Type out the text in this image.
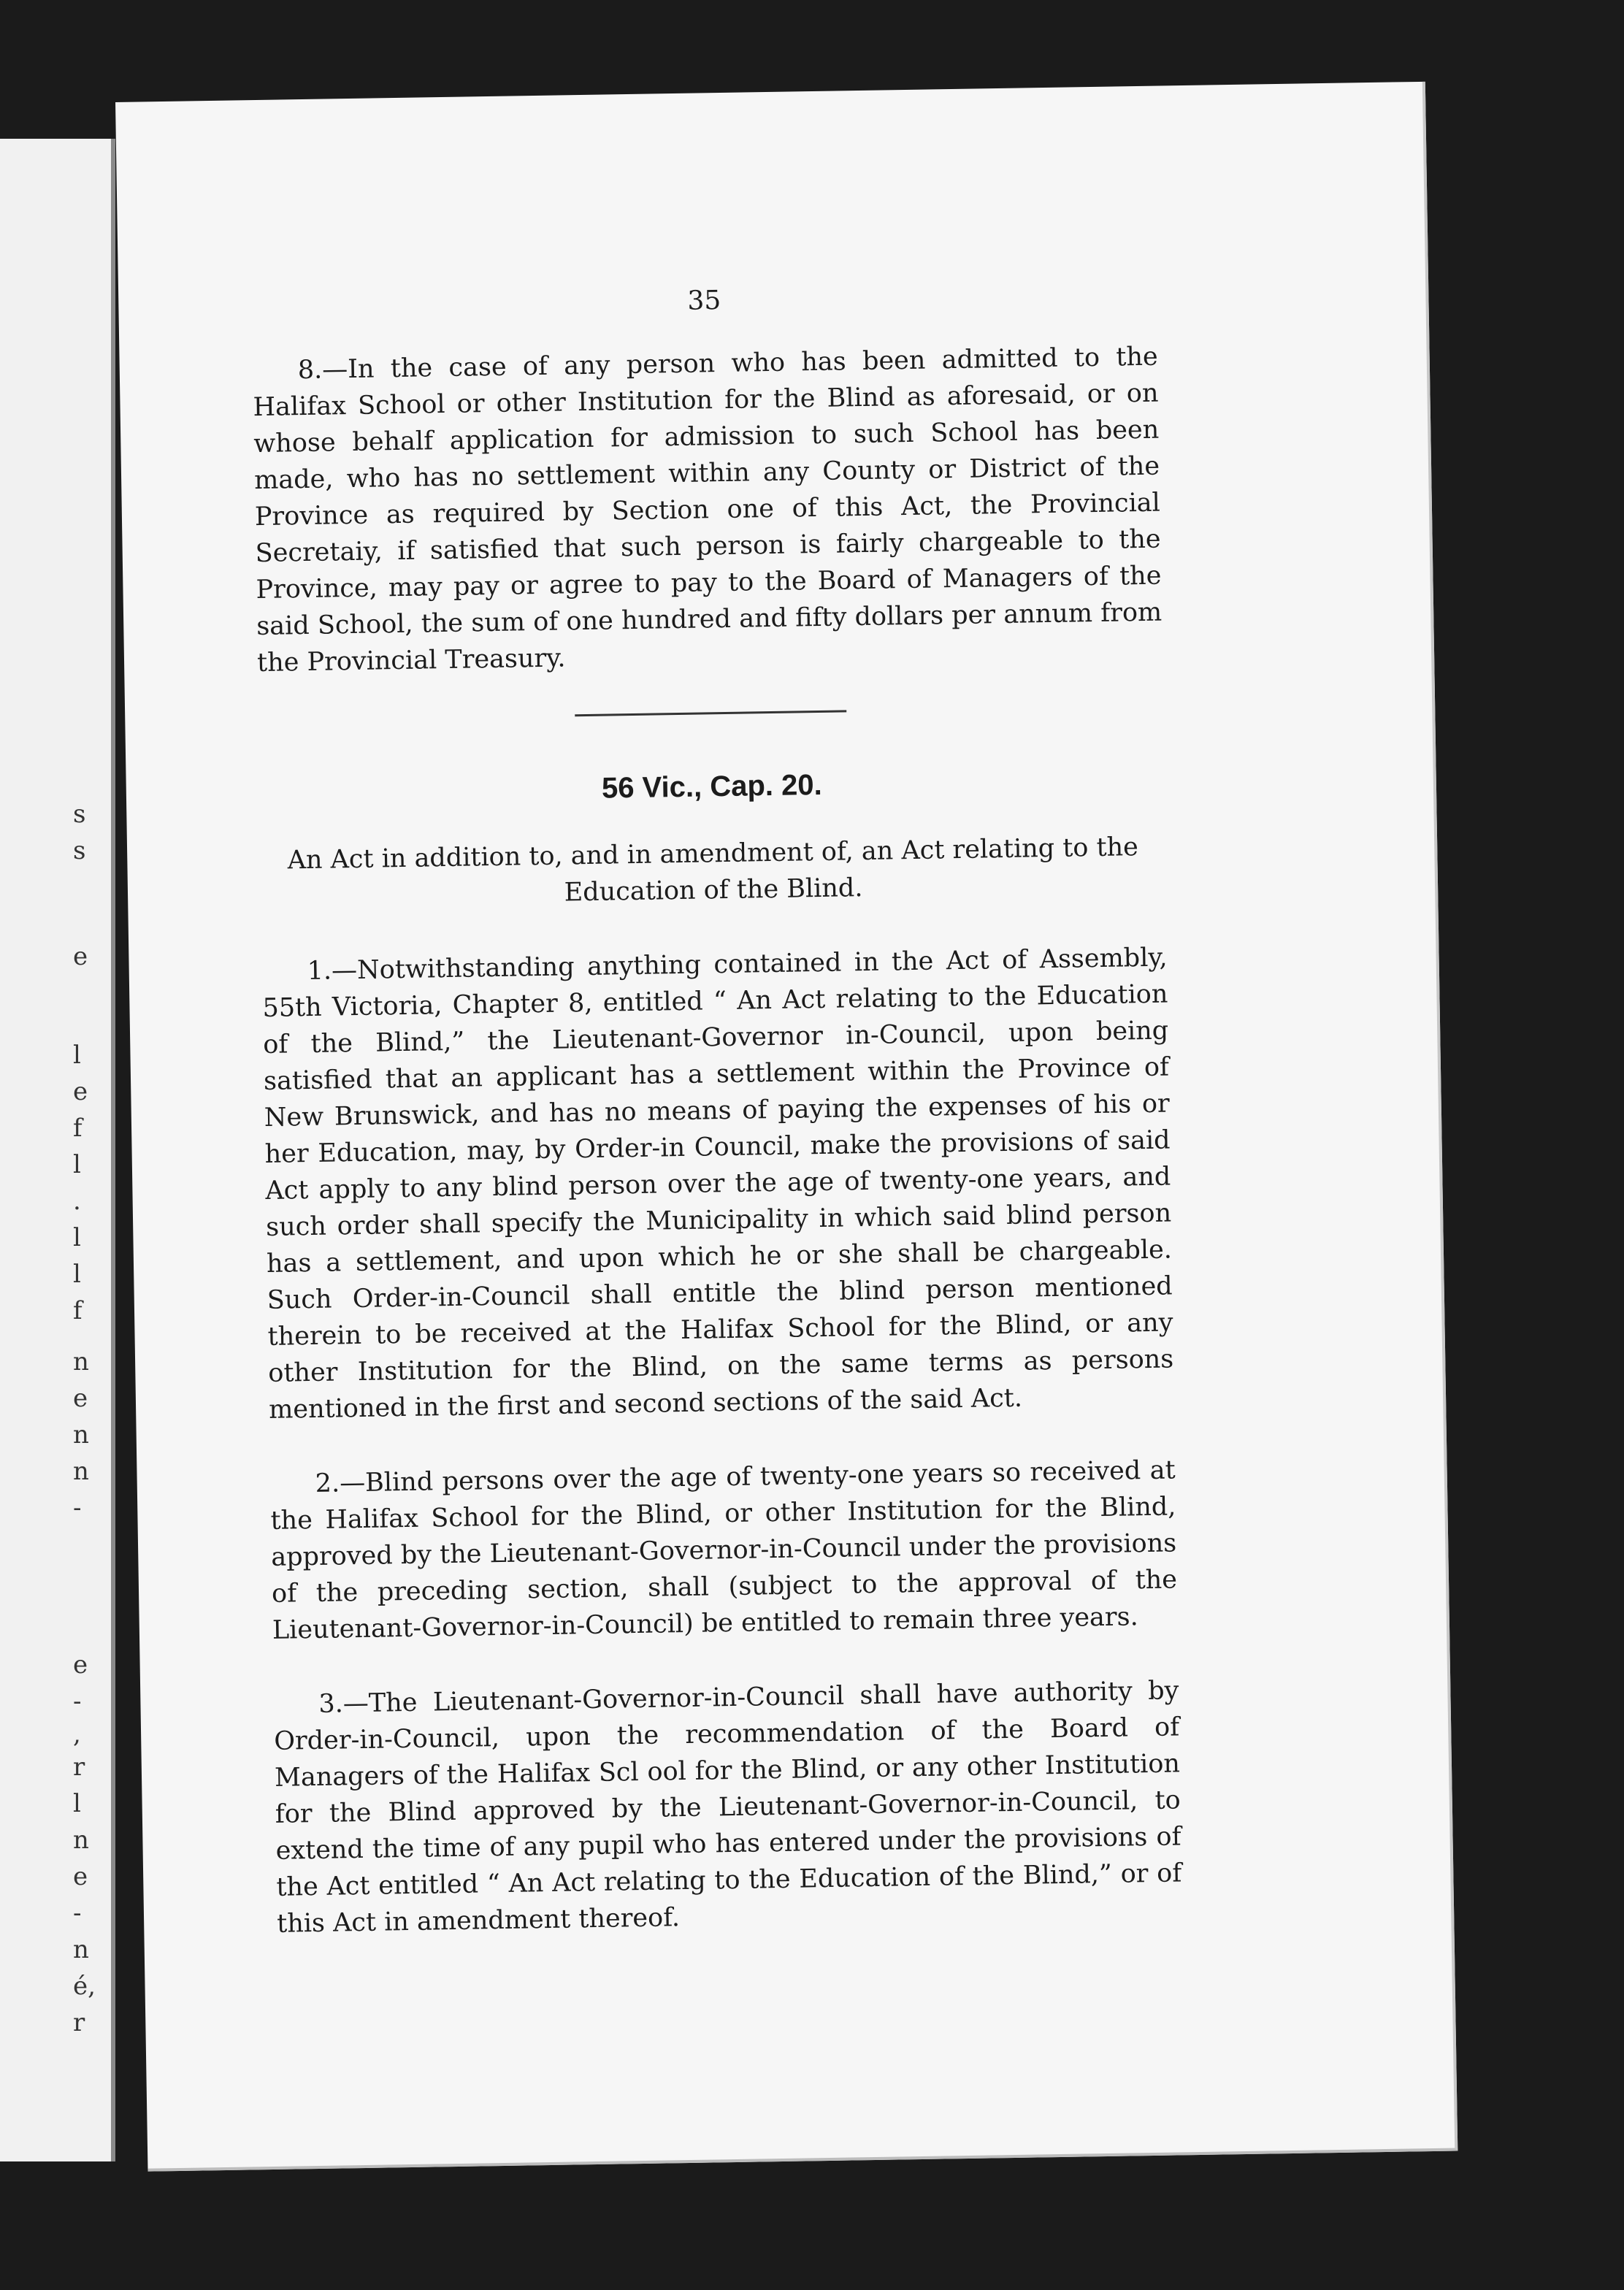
s
s
e
l
e
f
l
.
l
l
f
n
e
n
n
-
e
-
,
r
l
n
e
-
n
é,
r
35

8.—In the case of any person who has been admitted to the Halifax School or other Institution for the Blind as aforesaid, or on whose behalf application for admission to such School has been made, who has no settlement within any County or District of the Province as required by Section one of this Act, the Provincial Secretaiy, if satisfied that such person is fairly chargeable to the Province, may pay or agree to pay to the Board of Managers of the said School, the sum of one hundred and fifty dollars per annum from the Provincial Treasury.

56 Vic., Cap. 20.
An Act in addition to, and in amendment of, an Act relating to the Education of the Blind.

1.—Notwithstanding anything contained in the Act of Assembly, 55th Victoria, Chapter 8, entitled “ An Act relating to the Education of the Blind,” the Lieutenant-Governor in-Council, upon being satisfied that an applicant has a settlement within the Province of New Brunswick, and has no means of paying the expenses of his or her Education, may, by Order-in Council, make the provisions of said Act apply to any blind person over the age of twenty-one years, and such order shall specify the Municipality in which said blind person has a settlement, and upon which he or she shall be chargeable. Such Order-in-Council shall entitle the blind person mentioned therein to be received at the Halifax School for the Blind, or any other Institution for the Blind, on the same terms as persons mentioned in the first and second sections of the said Act.

2.—Blind persons over the age of twenty-one years so received at the Halifax School for the Blind, or other Institution for the Blind, approved by the Lieutenant-Governor-in-Council under the provisions of the preceding section, shall (subject to the approval of the Lieutenant-Governor-in-Council) be entitled to remain three years.

3.—The Lieutenant-Governor-in-Council shall have authority by Order-in-Council, upon the recommendation of the Board of Managers of the Halifax Scl ool for the Blind, or any other Institution for the Blind approved by the Lieutenant-Governor-in-Council, to extend the time of any pupil who has entered under the provisions of the Act entitled “ An Act relating to the Education of the Blind,” or of this Act in amendment thereof.
